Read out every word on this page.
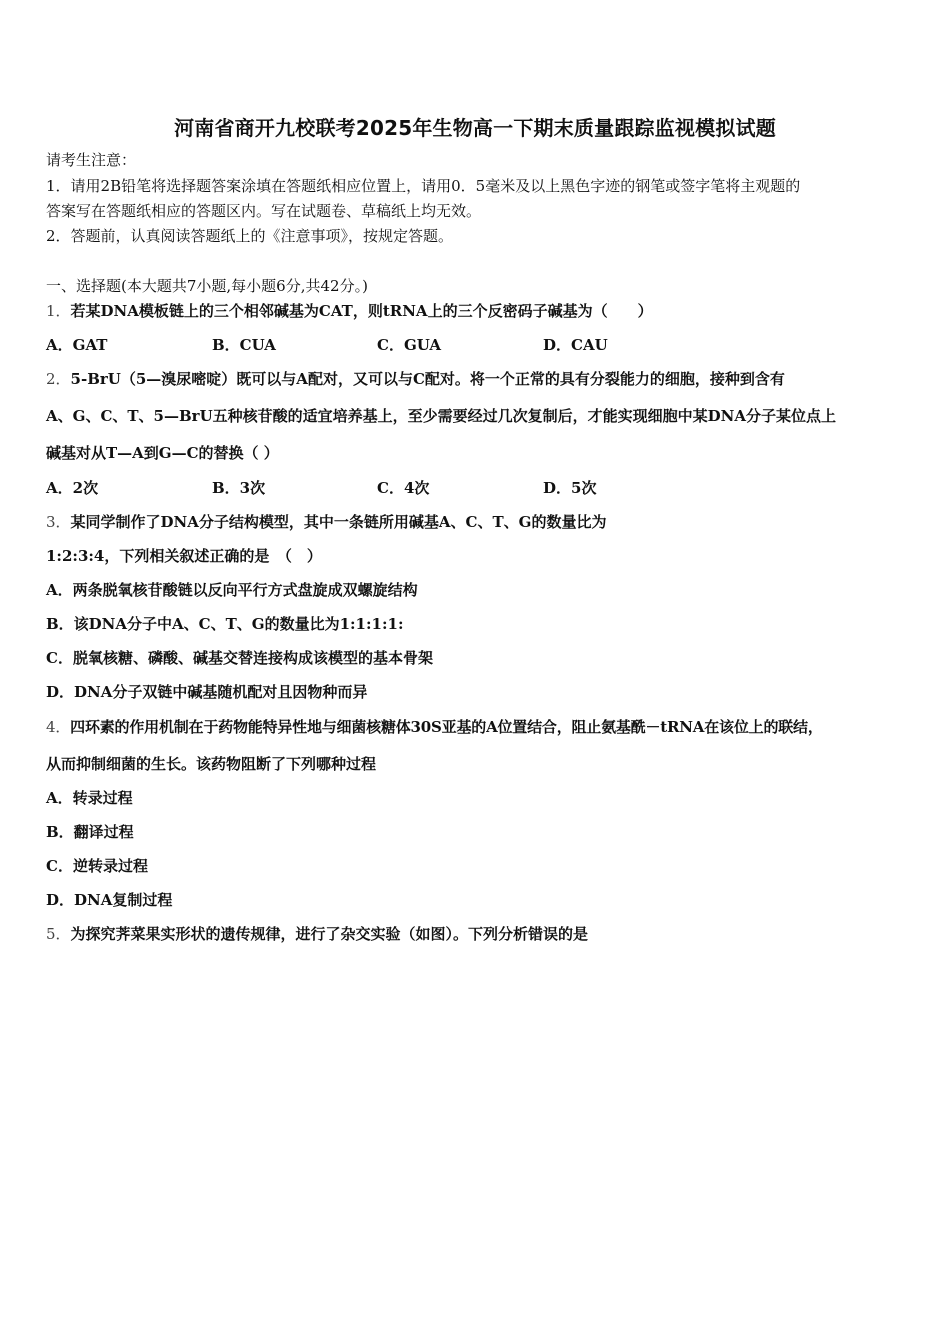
河南省商开九校联考2025年生物高一下期末质量跟踪监视模拟试题
请考生注意：
1．请用2B铅笔将选择题答案涂填在答题纸相应位置上，请用0．5毫米及以上黑色字迹的钢笔或签字笔将主观题的
答案写在答题纸相应的答题区内。写在试题卷、草稿纸上均无效。
2．答题前，认真阅读答题纸上的《注意事项》，按规定答题。
一、选择题(本大题共7小题,每小题6分,共42分。)
1．若某DNA模板链上的三个相邻碱基为CAT，则tRNA上的三个反密码子碱基为（　　）
A．GAT	B．CUA	C．GUA	D．CAU
2．5-BrU（5—溴尿嘧啶）既可以与A配对，又可以与C配对。将一个正常的具有分裂能力的细胞，接种到含有
A、G、C、T、5—BrU五种核苷酸的适宜培养基上，至少需要经过几次复制后，才能实现细胞中某DNA分子某位点上
碱基对从T—A到G—C的替换（ ）
A．2次	B．3次	C．4次	D．5次
3．某同学制作了DNA分子结构模型，其中一条链所用碱基A、C、T、G的数量比为
1:2:3:4，下列相关叙述正确的是　（　）
A．两条脱氧核苷酸链以反向平行方式盘旋成双螺旋结构
B．该DNA分子中A、C、T、G的数量比为1:1:1:1:
C．脱氧核糖、磷酸、碱基交替连接构成该模型的基本骨架
D．DNA分子双链中碱基随机配对且因物种而异
4．四环素的作用机制在于药物能特异性地与细菌核糖体30S亚基的A位置结合，阻止氨基酰－tRNA在该位上的联结，
从而抑制细菌的生长。该药物阻断了下列哪种过程
A．转录过程
B．翻译过程
C．逆转录过程
D．DNA复制过程
5．为探究荠菜果实形状的遗传规律，进行了杂交实验（如图）。下列分析错误的是
